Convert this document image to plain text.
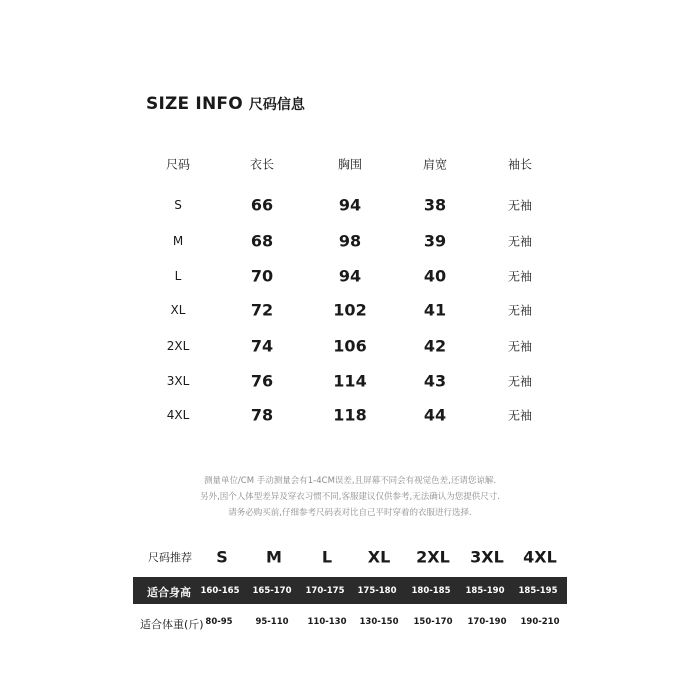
SIZE INFO 尺码信息
尺码	衣长	胸围	肩宽	袖长
S	66	94	38	无袖
M	68	98	39	无袖
L	70	94	40	无袖
XL	72	102	41	无袖
2XL	74	106	42	无袖
3XL	76	114	43	无袖
4XL	78	118	44	无袖
测量单位/CM 手动测量会有1-4CM误差,且屏幕不同会有视觉色差,还请您谅解.
另外,因个人体型差异及穿衣习惯不同,客服建议仅供参考,无法确认为您提供尺寸.
请务必购买前,仔细参考尺码表对比自己平时穿着的衣服进行选择.
尺码推荐 S M L XL 2XL 3XL 4XL
适合身高 160-165 165-170 170-175 175-180 180-185 185-190 185-195
适合体重(斤) 80-95	95-110 110-130 130-150 150-170 170-190 190-210
